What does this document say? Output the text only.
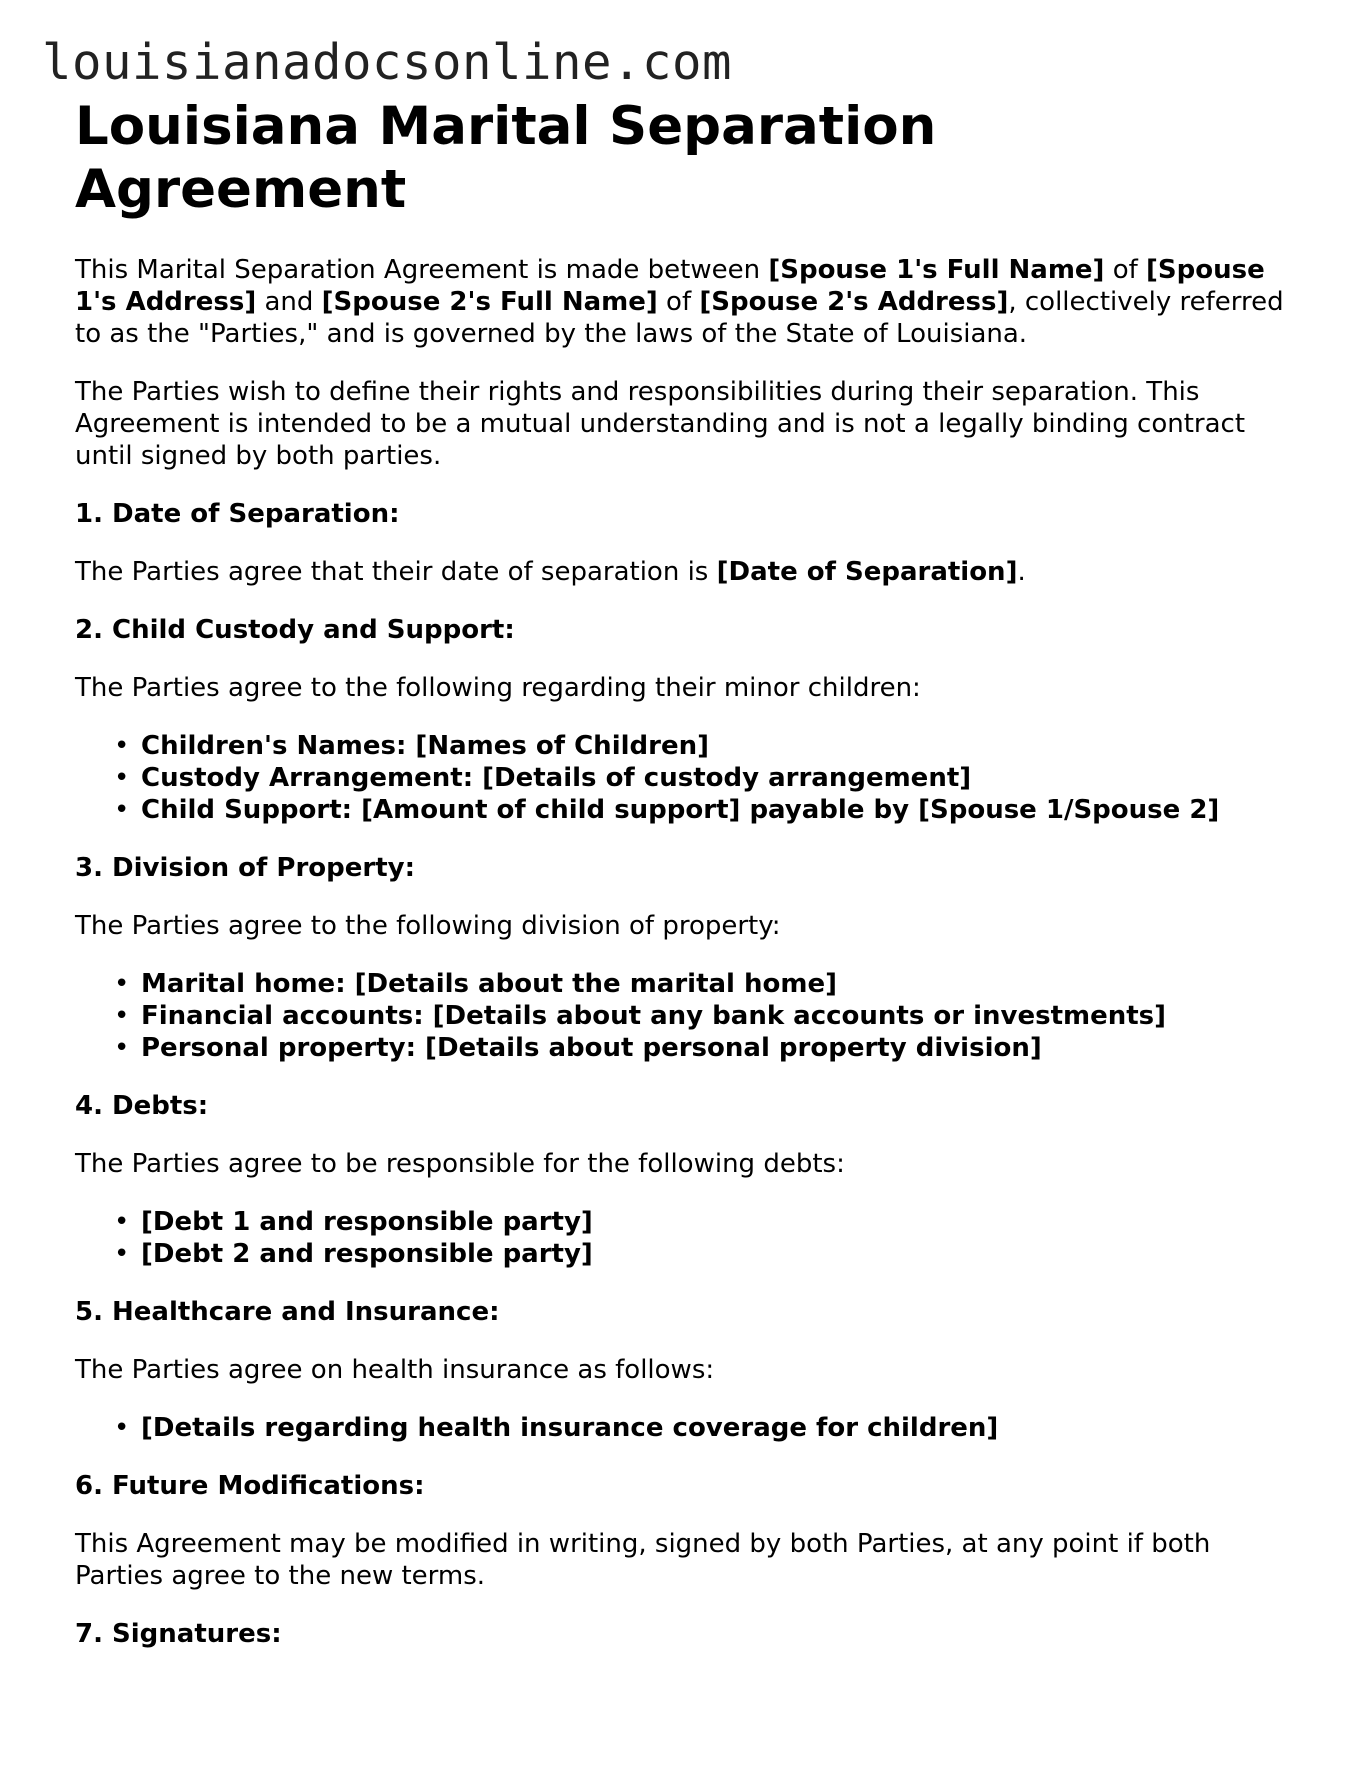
louisianadocsonline.com
Louisiana Marital Separation Agreement

This Marital Separation Agreement is made between [Spouse 1's Full Name] of [Spouse 1's Address] and [Spouse 2's Full Name] of [Spouse 2's Address], collectively referred to as the "Parties," and is governed by the laws of the State of Louisiana.

The Parties wish to define their rights and responsibilities during their separation. This Agreement is intended to be a mutual understanding and is not a legally binding contract until signed by both parties.

1. Date of Separation:

The Parties agree that their date of separation is [Date of Separation].

2. Child Custody and Support:

The Parties agree to the following regarding their minor children:

• Children's Names: [Names of Children]
• Custody Arrangement: [Details of custody arrangement]
• Child Support: [Amount of child support] payable by [Spouse 1/Spouse 2]
3. Division of Property:

The Parties agree to the following division of property:

• Marital home: [Details about the marital home]
• Financial accounts: [Details about any bank accounts or investments]
• Personal property: [Details about personal property division]
4. Debts:

The Parties agree to be responsible for the following debts:

• [Debt 1 and responsible party]
• [Debt 2 and responsible party]
5. Healthcare and Insurance:

The Parties agree on health insurance as follows:

• [Details regarding health insurance coverage for children]
6. Future Modifications:

This Agreement may be modified in writing, signed by both Parties, at any point if both Parties agree to the new terms.

7. Signatures:
